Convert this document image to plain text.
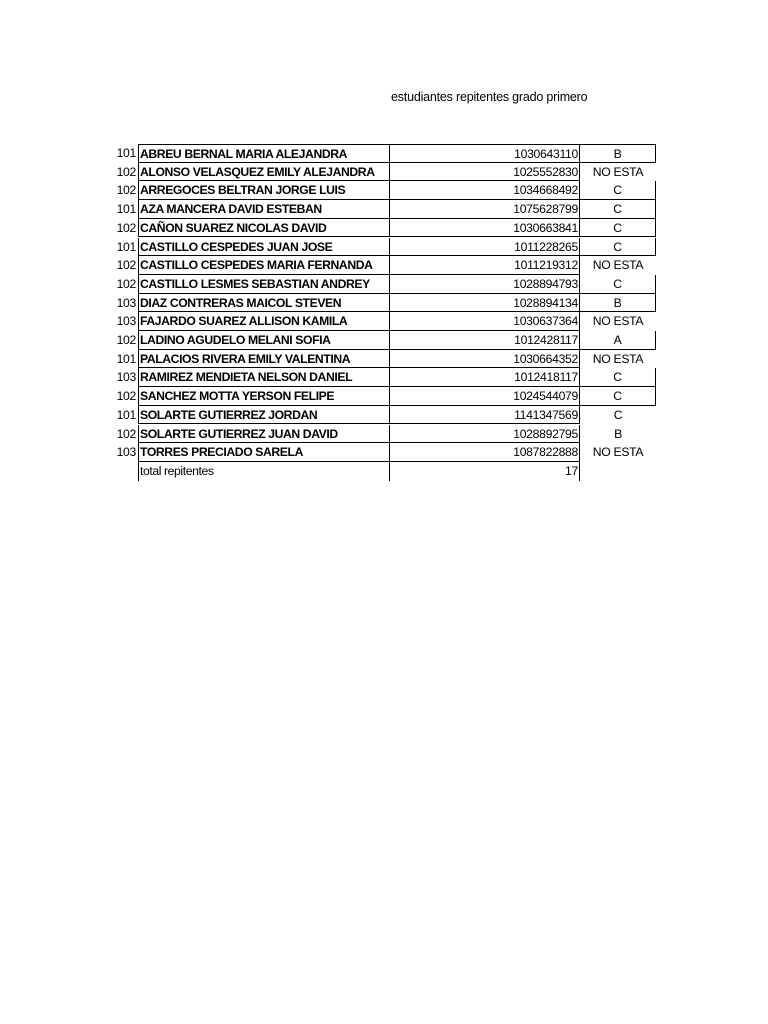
estudiantes repitentes grado primero
101 ABREU BERNAL MARIA ALEJANDRA	1030643110	B
102 ALONSO VELASQUEZ EMILY ALEJANDRA	1025552830	NO ESTA
102 ARREGOCES BELTRAN JORGE LUIS	1034668492	C
101 AZA MANCERA DAVID ESTEBAN	1075628799	C
102 CAÑON SUAREZ NICOLAS DAVID	1030663841	C
101 CASTILLO CESPEDES JUAN JOSE	1011228265	C
102 CASTILLO CESPEDES MARIA FERNANDA	1011219312	NO ESTA
102 CASTILLO LESMES SEBASTIAN ANDREY	1028894793	C
103 DIAZ CONTRERAS MAICOL STEVEN	1028894134	B
103 FAJARDO SUAREZ ALLISON KAMILA	1030637364	NO ESTA
102 LADINO AGUDELO MELANI SOFIA	1012428117	A
101 PALACIOS RIVERA EMILY VALENTINA	1030664352	NO ESTA
103 RAMIREZ MENDIETA NELSON DANIEL	1012418117	C
102 SANCHEZ MOTTA YERSON FELIPE	1024544079	C
101 SOLARTE GUTIERREZ JORDAN	1141347569	C
102 SOLARTE GUTIERREZ JUAN DAVID	1028892795	B
103 TORRES PRECIADO SARELA	1087822888	NO ESTA
total repitentes	17
